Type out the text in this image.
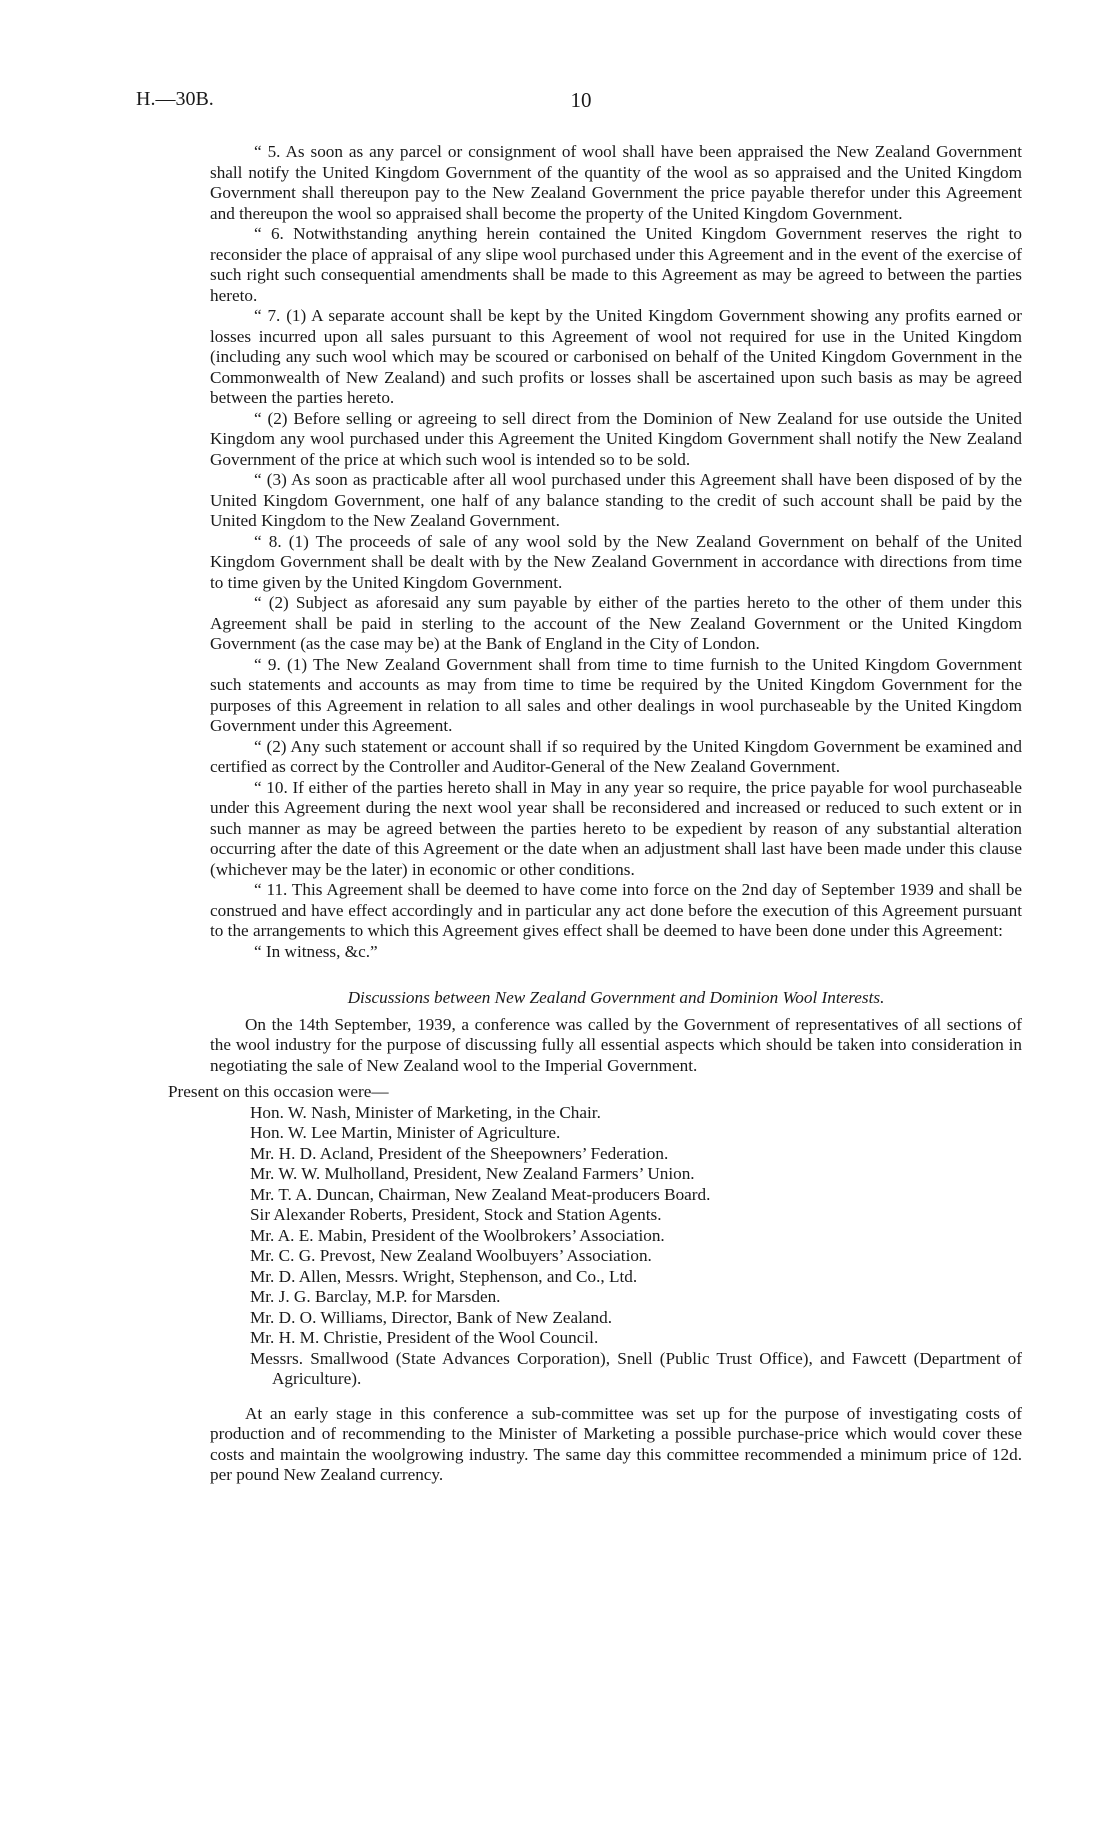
H.—30B.	10

“ 5. As soon as any parcel or consignment of wool shall have been appraised the New Zealand Government shall notify the United Kingdom Government of the quantity of the wool as so appraised and the United Kingdom Government shall thereupon pay to the New Zealand Government the price payable therefor under this Agreement and thereupon the wool so appraised shall become the property of the United Kingdom Government.

“ 6. Notwithstanding anything herein contained the United Kingdom Government reserves the right to reconsider the place of appraisal of any slipe wool purchased under this Agreement and in the event of the exercise of such right such consequential amendments shall be made to this Agreement as may be agreed to between the parties hereto.

“ 7. (1) A separate account shall be kept by the United Kingdom Government showing any profits earned or losses incurred upon all sales pursuant to this Agreement of wool not required for use in the United Kingdom (including any such wool which may be scoured or carbonised on behalf of the United Kingdom Government in the Commonwealth of New Zealand) and such profits or losses shall be ascertained upon such basis as may be agreed between the parties hereto.

“ (2) Before selling or agreeing to sell direct from the Dominion of New Zealand for use outside the United Kingdom any wool purchased under this Agreement the United Kingdom Government shall notify the New Zealand Government of the price at which such wool is intended so to be sold.

“ (3) As soon as practicable after all wool purchased under this Agreement shall have been disposed of by the United Kingdom Government, one half of any balance standing to the credit of such account shall be paid by the United Kingdom to the New Zealand Government.

“ 8. (1) The proceeds of sale of any wool sold by the New Zealand Government on behalf of the United Kingdom Government shall be dealt with by the New Zealand Government in accordance with directions from time to time given by the United Kingdom Government.

“ (2) Subject as aforesaid any sum payable by either of the parties hereto to the other of them under this Agreement shall be paid in sterling to the account of the New Zealand Government or the United Kingdom Government (as the case may be) at the Bank of England in the City of London.

“ 9. (1) The New Zealand Government shall from time to time furnish to the United Kingdom Government such statements and accounts as may from time to time be required by the United Kingdom Government for the purposes of this Agreement in relation to all sales and other dealings in wool purchaseable by the United Kingdom Government under this Agreement.

“ (2) Any such statement or account shall if so required by the United Kingdom Government be examined and certified as correct by the Controller and Auditor-General of the New Zealand Government.

“ 10. If either of the parties hereto shall in May in any year so require, the price payable for wool purchaseable under this Agreement during the next wool year shall be reconsidered and increased or reduced to such extent or in such manner as may be agreed between the parties hereto to be expedient by reason of any substantial alteration occurring after the date of this Agreement or the date when an adjustment shall last have been made under this clause (whichever may be the later) in economic or other conditions.

“ 11. This Agreement shall be deemed to have come into force on the 2nd day of September 1939 and shall be construed and have effect accordingly and in particular any act done before the execution of this Agreement pursuant to the arrangements to which this Agreement gives effect shall be deemed to have been done under this Agreement:

“ In witness, &c.”

Discussions between New Zealand Government and Dominion Wool Interests.

On the 14th September, 1939, a conference was called by the Government of representatives of all sections of the wool industry for the purpose of discussing fully all essential aspects which should be taken into consideration in negotiating the sale of New Zealand wool to the Imperial Government.

Present on this occasion were—

Hon. W. Nash, Minister of Marketing, in the Chair.
Hon. W. Lee Martin, Minister of Agriculture.
Mr. H. D. Acland, President of the Sheepowners’ Federation.
Mr. W. W. Mulholland, President, New Zealand Farmers’ Union.
Mr. T. A. Duncan, Chairman, New Zealand Meat-producers Board.
Sir Alexander Roberts, President, Stock and Station Agents.
Mr. A. E. Mabin, President of the Woolbrokers’ Association.
Mr. C. G. Prevost, New Zealand Woolbuyers’ Association.
Mr. D. Allen, Messrs. Wright, Stephenson, and Co., Ltd.
Mr. J. G. Barclay, M.P. for Marsden.
Mr. D. O. Williams, Director, Bank of New Zealand.
Mr. H. M. Christie, President of the Wool Council.
Messrs. Smallwood (State Advances Corporation), Snell (Public Trust Office), and Fawcett (Department of Agriculture).

At an early stage in this conference a sub-committee was set up for the purpose of investigating costs of production and of recommending to the Minister of Marketing a possible purchase-price which would cover these costs and maintain the woolgrowing industry. The same day this committee recommended a minimum price of 12d. per pound New Zealand currency.
